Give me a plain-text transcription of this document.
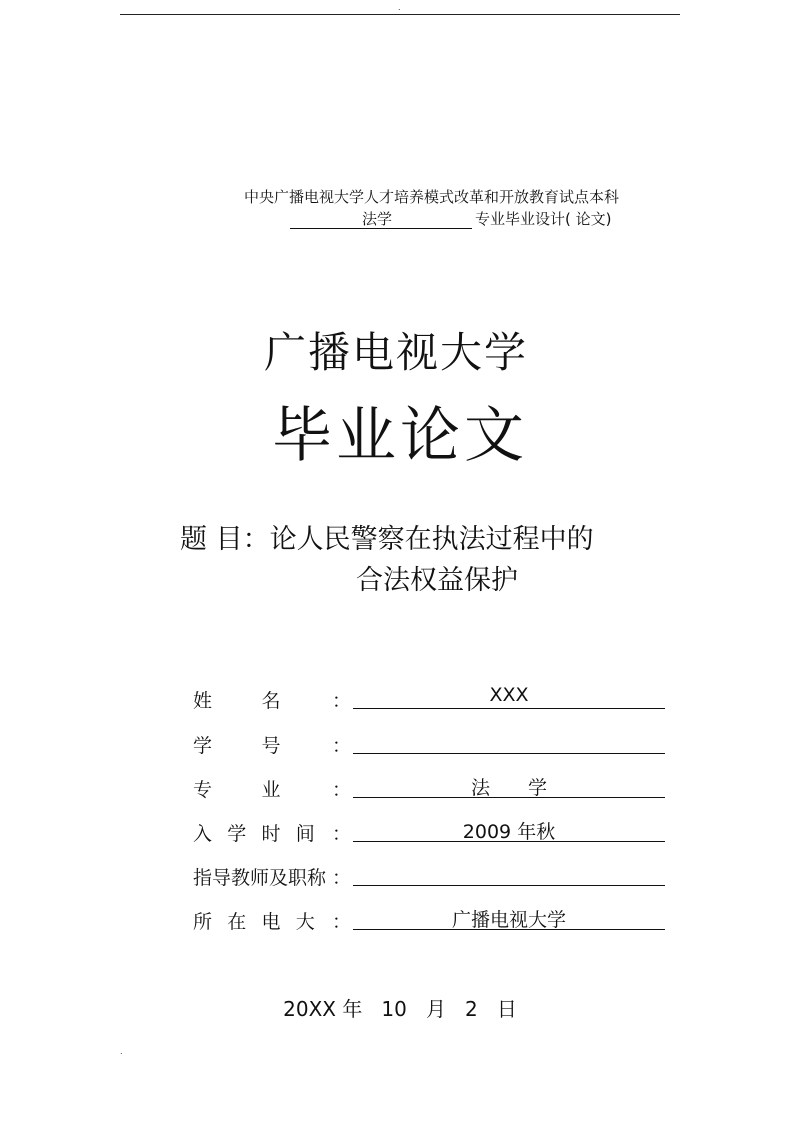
.
中央广播电视大学人才培养模式改革和开放教育试点本科
法学	专业毕业设计( 论文)
广播电视大学
毕业论文
题 目：论人民警察在执法过程中的
合法权益保护
姓	名	：	XXX
学	号	：
专	业	：	法　　学
入 学 时 间 ：	2009 年秋
指导教师及职称 ：
所 在 电 大 ：	广播电视大学
20XX 年   10   月   2   日
.
